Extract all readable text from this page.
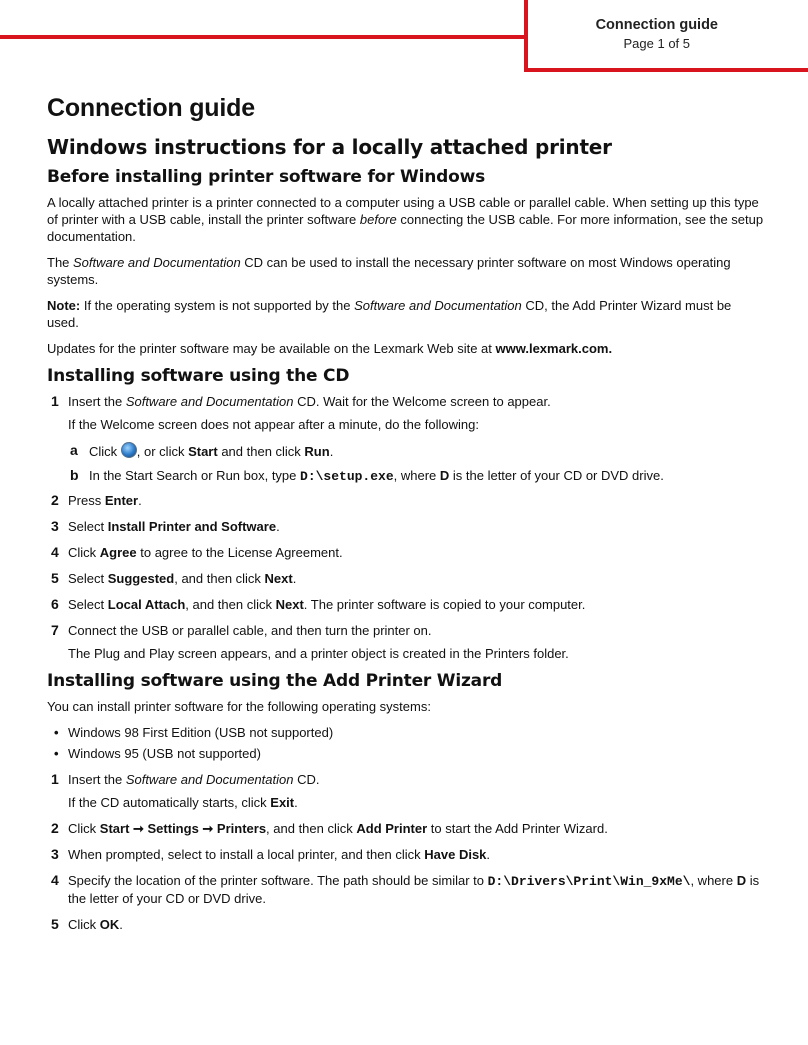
Connection guide
Page 1 of 5
Connection guide
Windows instructions for a locally attached printer
Before installing printer software for Windows

A locally attached printer is a printer connected to a computer using a USB cable or parallel cable. When setting up this type of printer with a USB cable, install the printer software before connecting the USB cable. For more information, see the setup documentation.

The Software and Documentation CD can be used to install the necessary printer software on most Windows operating systems.

Note: If the operating system is not supported by the Software and Documentation CD, the Add Printer Wizard must be used.

Updates for the printer software may be available on the Lexmark Web site at www.lexmark.com.

Installing software using the CD
1 Insert the Software and Documentation CD. Wait for the Welcome screen to appear.
If the Welcome screen does not appear after a minute, do the following:
a Click , or click Start and then click Run.
b In the Start Search or Run box, type D:\setup.exe, where D is the letter of your CD or DVD drive.
2 Press Enter.
3 Select Install Printer and Software.
4 Click Agree to agree to the License Agreement.
5 Select Suggested, and then click Next.
6 Select Local Attach, and then click Next. The printer software is copied to your computer.
7 Connect the USB or parallel cable, and then turn the printer on.
The Plug and Play screen appears, and a printer object is created in the Printers folder.
Installing software using the Add Printer Wizard

You can install printer software for the following operating systems:

• Windows 98 First Edition (USB not supported)
• Windows 95 (USB not supported)
1 Insert the Software and Documentation CD.
If the CD automatically starts, click Exit.
2 Click Start ➞ Settings ➞ Printers, and then click Add Printer to start the Add Printer Wizard.
3 When prompted, select to install a local printer, and then click Have Disk.
4 Specify the location of the printer software. The path should be similar to D:\Drivers\Print\Win_9xMe\, where D is the letter of your CD or DVD drive.
5 Click OK.
